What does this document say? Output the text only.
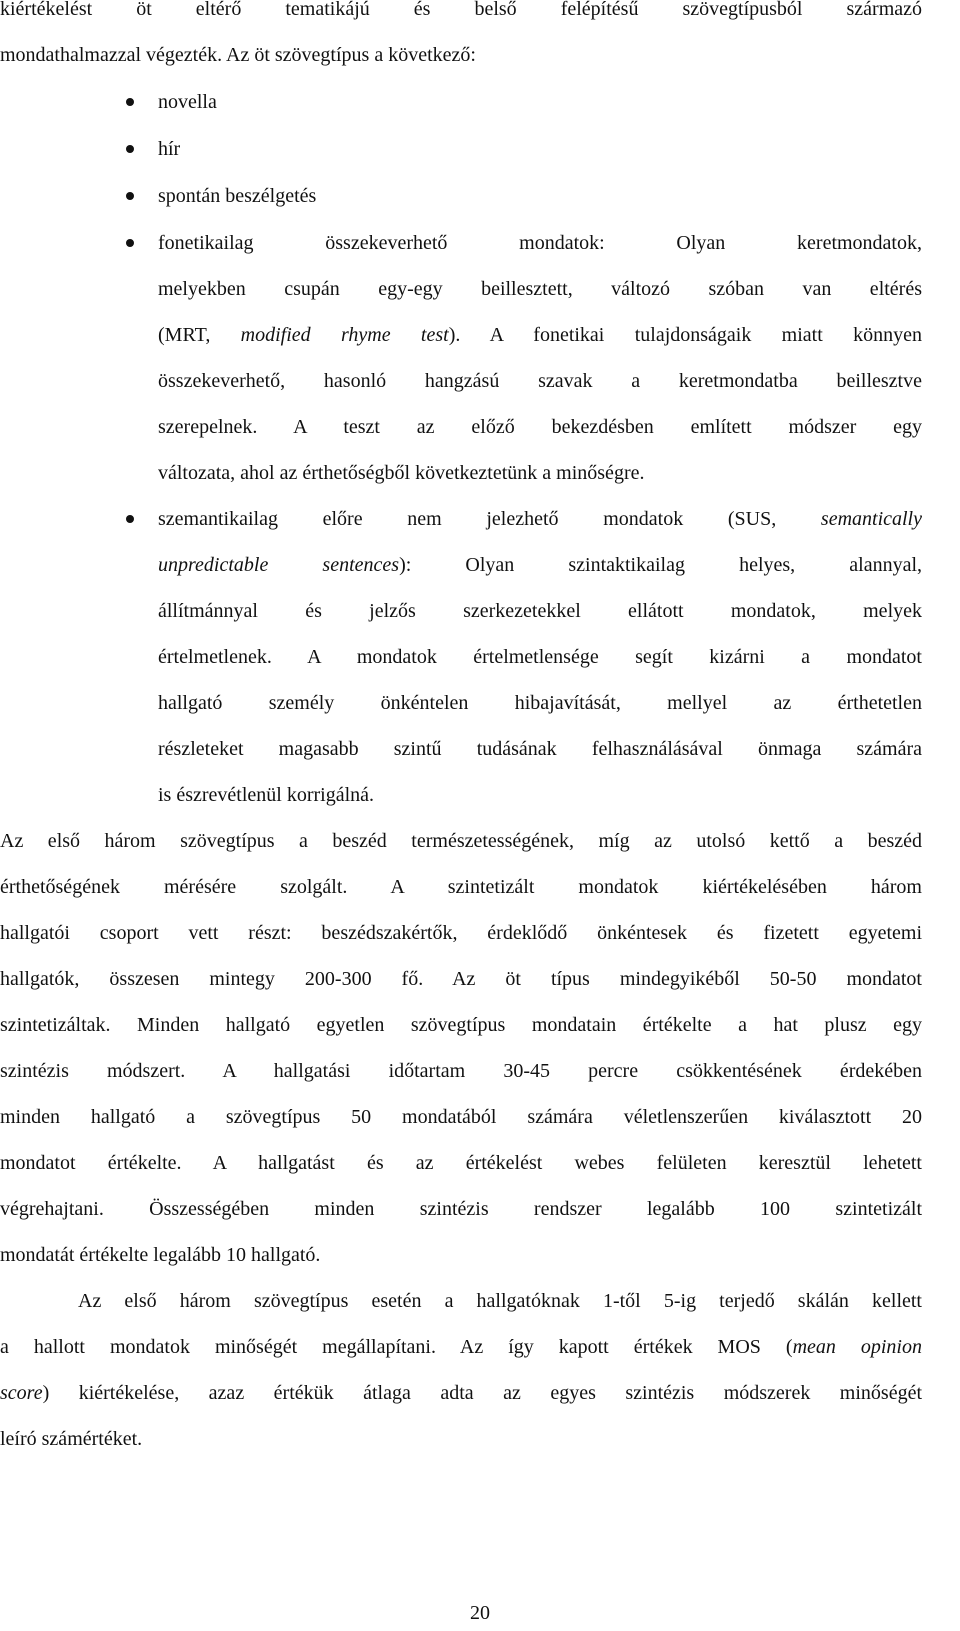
kiértékelést öt eltérő tematikájú és belső felépítésű szövegtípusból származó
mondathalmazzal végezték. Az öt szövegtípus a következő:
novella
hír
spontán beszélgetés
fonetikailag összekeverhető mondatok: Olyan keretmondatok,
melyekben csupán egy-egy beillesztett, változó szóban van eltérés
(MRT, modified rhyme test). A fonetikai tulajdonságaik miatt könnyen
összekeverhető, hasonló hangzású szavak a keretmondatba beillesztve
szerepelnek. A teszt az előző bekezdésben említett módszer egy
változata, ahol az érthetőségből következtetünk a minőségre.
szemantikailag előre nem jelezhető mondatok (SUS, semantically
unpredictable sentences): Olyan szintaktikailag helyes, alannyal,
állítmánnyal és jelzős szerkezetekkel ellátott mondatok, melyek
értelmetlenek. A mondatok értelmetlensége segít kizárni a mondatot
hallgató személy önkéntelen hibajavítását, mellyel az érthetetlen
részleteket magasabb szintű tudásának felhasználásával önmaga számára
is észrevétlenül korrigálná.
Az első három szövegtípus a beszéd természetességének, míg az utolsó kettő a beszéd
érthetőségének mérésére szolgált. A szintetizált mondatok kiértékelésében három
hallgatói csoport vett részt: beszédszakértők, érdeklődő önkéntesek és fizetett egyetemi
hallgatók, összesen mintegy 200-300 fő. Az öt típus mindegyikéből 50-50 mondatot
szintetizáltak. Minden hallgató egyetlen szövegtípus mondatain értékelte a hat plusz egy
szintézis módszert. A hallgatási időtartam 30-45 percre csökkentésének érdekében
minden hallgató a szövegtípus 50 mondatából számára véletlenszerűen kiválasztott 20
mondatot értékelte. A hallgatást és az értékelést webes felületen keresztül lehetett
végrehajtani. Összességében minden szintézis rendszer legalább 100 szintetizált
mondatát értékelte legalább 10 hallgató.
Az első három szövegtípus esetén a hallgatóknak 1-től 5-ig terjedő skálán kellett
a hallott mondatok minőségét megállapítani. Az így kapott értékek MOS (mean opinion
score) kiértékelése, azaz értékük átlaga adta az egyes szintézis módszerek minőségét
leíró számértéket.
20
